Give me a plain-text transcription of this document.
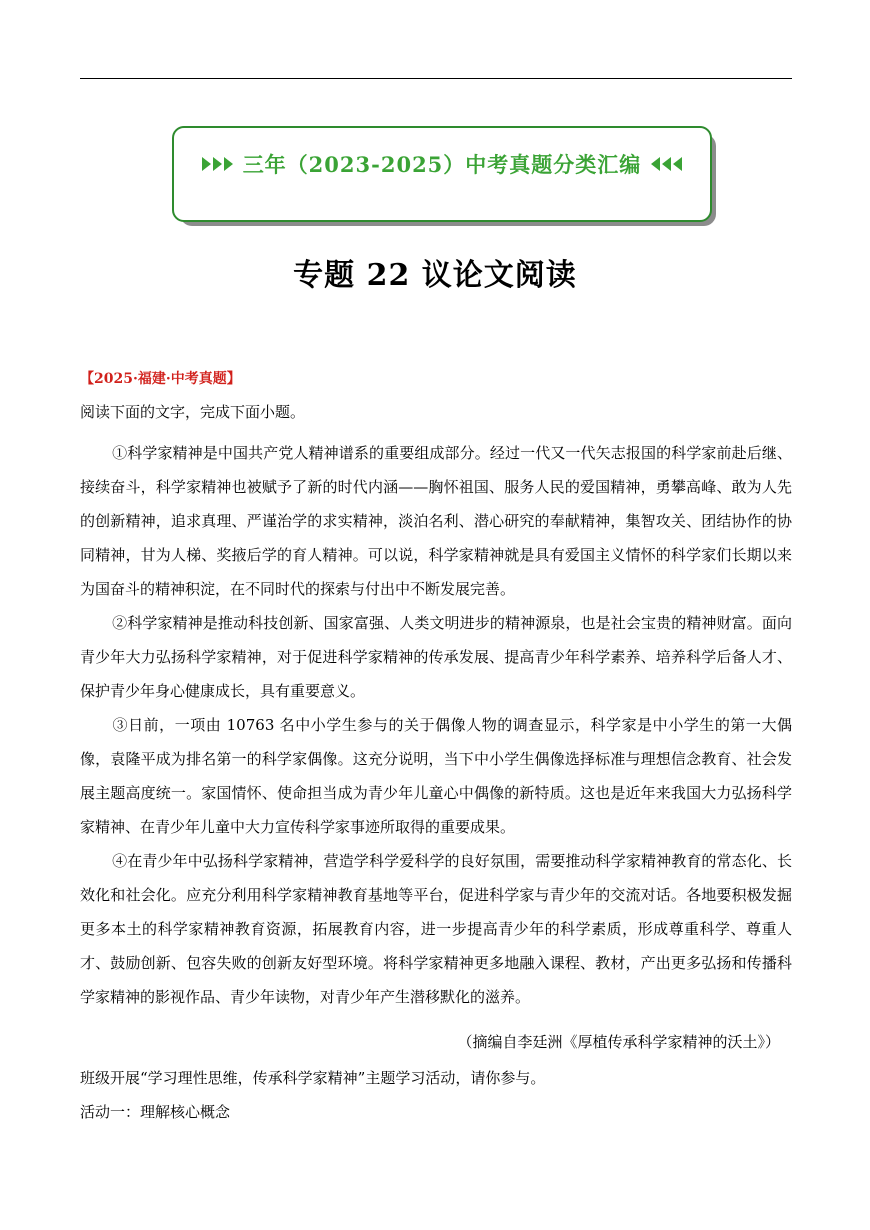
三年（2023-2025）中考真题分类汇编
专题 22 议论文阅读
【2025·福建·中考真题】
阅读下面的文字，完成下面小题。

①科学家精神是中国共产党人精神谱系的重要组成部分。经过一代又一代矢志报国的科学家前赴后继、接续奋斗，科学家精神也被赋予了新的时代内涵——胸怀祖国、服务人民的爱国精神，勇攀高峰、敢为人先的创新精神，追求真理、严谨治学的求实精神，淡泊名利、潜心研究的奉献精神，集智攻关、团结协作的协同精神，甘为人梯、奖掖后学的育人精神。可以说，科学家精神就是具有爱国主义情怀的科学家们长期以来为国奋斗的精神积淀，在不同时代的探索与付出中不断发展完善。

②科学家精神是推动科技创新、国家富强、人类文明进步的精神源泉，也是社会宝贵的精神财富。面向青少年大力弘扬科学家精神，对于促进科学家精神的传承发展、提高青少年科学素养、培养科学后备人才、保护青少年身心健康成长，具有重要意义。

③日前，一项由 10763 名中小学生参与的关于偶像人物的调查显示，科学家是中小学生的第一大偶像，袁隆平成为排名第一的科学家偶像。这充分说明，当下中小学生偶像选择标准与理想信念教育、社会发展主题高度统一。家国情怀、使命担当成为青少年儿童心中偶像的新特质。这也是近年来我国大力弘扬科学家精神、在青少年儿童中大力宣传科学家事迹所取得的重要成果。

④在青少年中弘扬科学家精神，营造学科学爱科学的良好氛围，需要推动科学家精神教育的常态化、长效化和社会化。应充分利用科学家精神教育基地等平台，促进科学家与青少年的交流对话。各地要积极发掘更多本土的科学家精神教育资源，拓展教育内容，进一步提高青少年的科学素质，形成尊重科学、尊重人才、鼓励创新、包容失败的创新友好型环境。将科学家精神更多地融入课程、教材，产出更多弘扬和传播科学家精神的影视作品、青少年读物，对青少年产生潜移默化的滋养。

（摘编自李廷洲《厚植传承科学家精神的沃土》）
班级开展“学习理性思维，传承科学家精神”主题学习活动，请你参与。
活动一：理解核心概念
